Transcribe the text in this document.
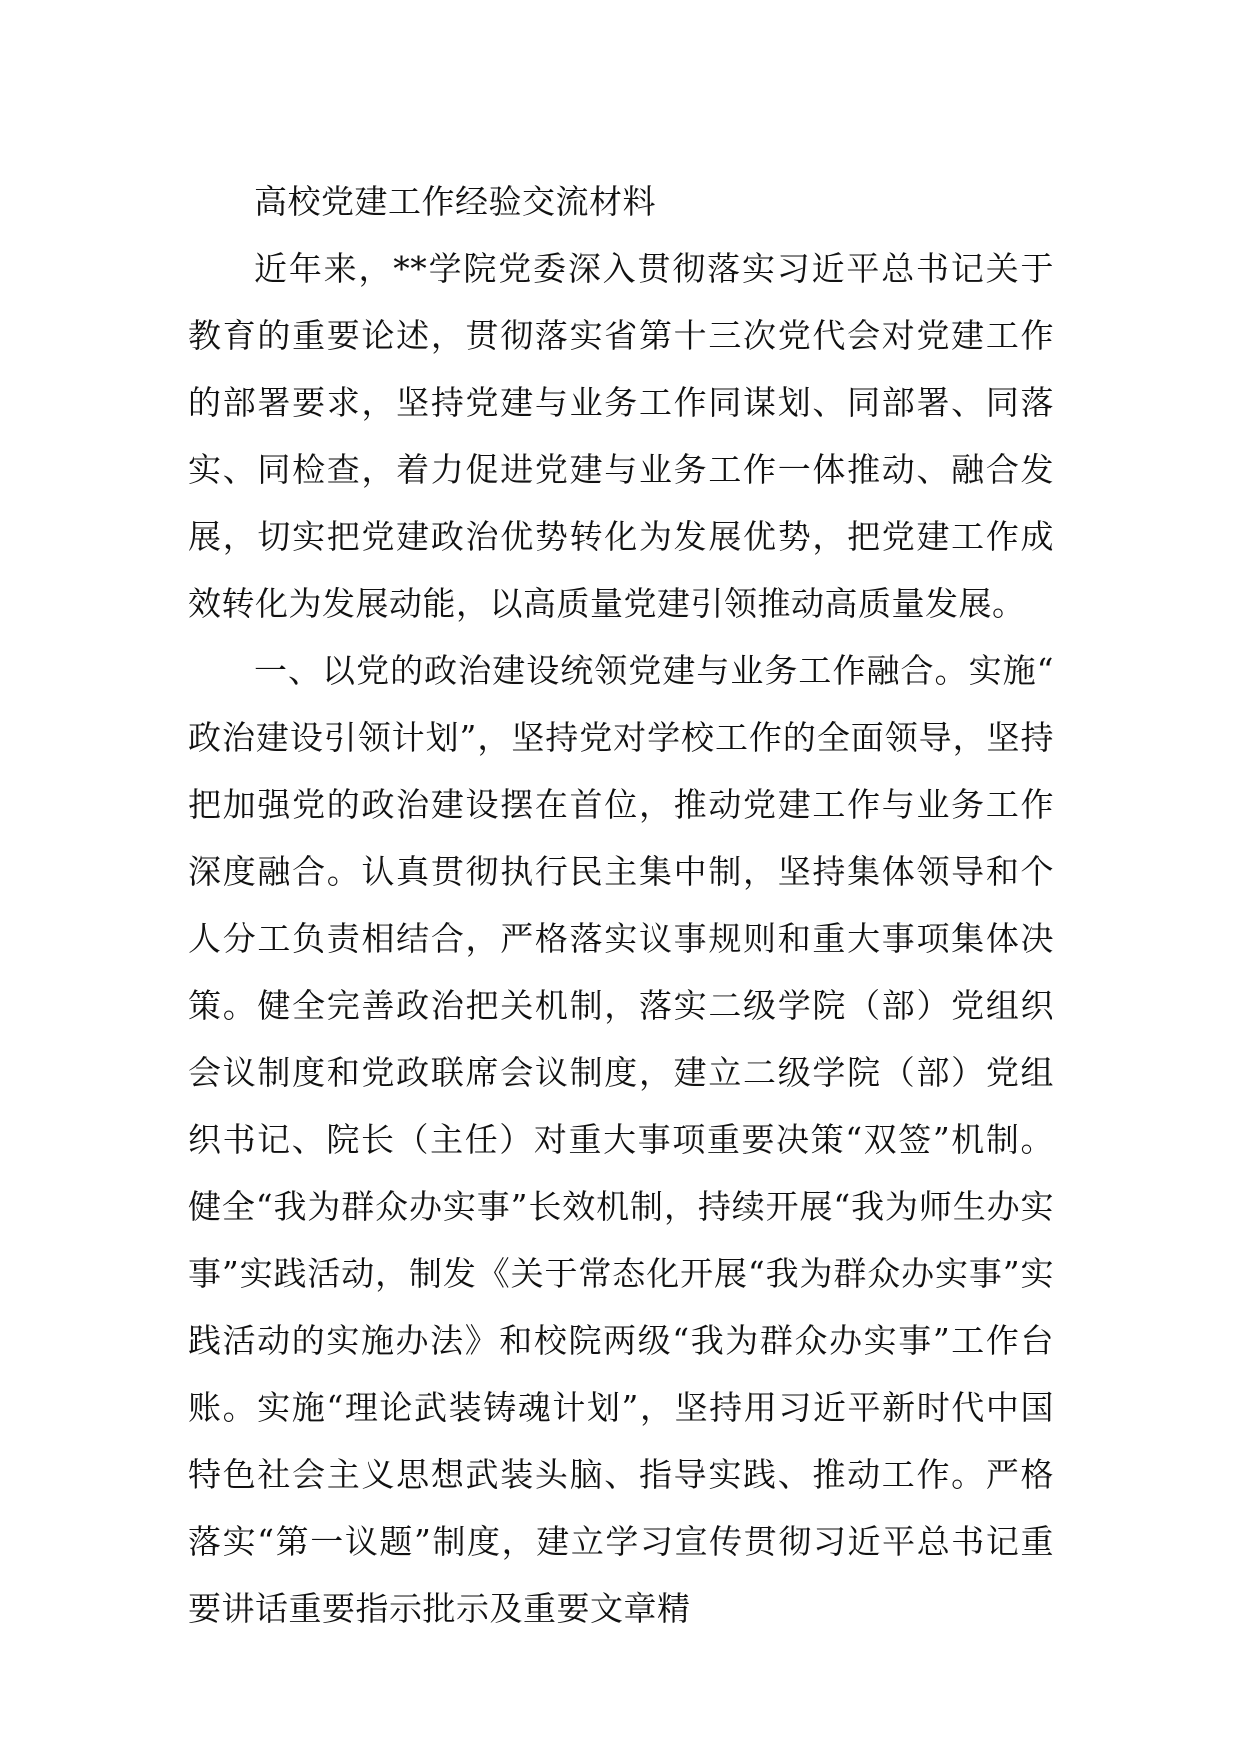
高校党建工作经验交流材料

近年来，**学院党委深入贯彻落实习近平总书记关于教育的重要论述，贯彻落实省第十三次党代会对党建工作的部署要求，坚持党建与业务工作同谋划、同部署、同落实、同检查，着力促进党建与业务工作一体推动、融合发展，切实把党建政治优势转化为发展优势，把党建工作成效转化为发展动能，以高质量党建引领推动高质量发展。

一、以党的政治建设统领党建与业务工作融合。实施“政治建设引领计划”，坚持党对学校工作的全面领导，坚持把加强党的政治建设摆在首位，推动党建工作与业务工作深度融合。认真贯彻执行民主集中制，坚持集体领导和个人分工负责相结合，严格落实议事规则和重大事项集体决策。健全完善政治把关机制，落实二级学院（部）党组织会议制度和党政联席会议制度，建立二级学院（部）党组织书记、院长（主任）对重大事项重要决策“双签”机制。健全“我为群众办实事”长效机制，持续开展“我为师生办实事”实践活动，制发《关于常态化开展“我为群众办实事”实践活动的实施办法》和校院两级“我为群众办实事”工作台账。实施“理论武装铸魂计划”，坚持用习近平新时代中国特色社会主义思想武装头脑、指导实践、推动工作。严格落实“第一议题”制度，建立学习宣传贯彻习近平总书记重要讲话重要指示批示及重要文章精
